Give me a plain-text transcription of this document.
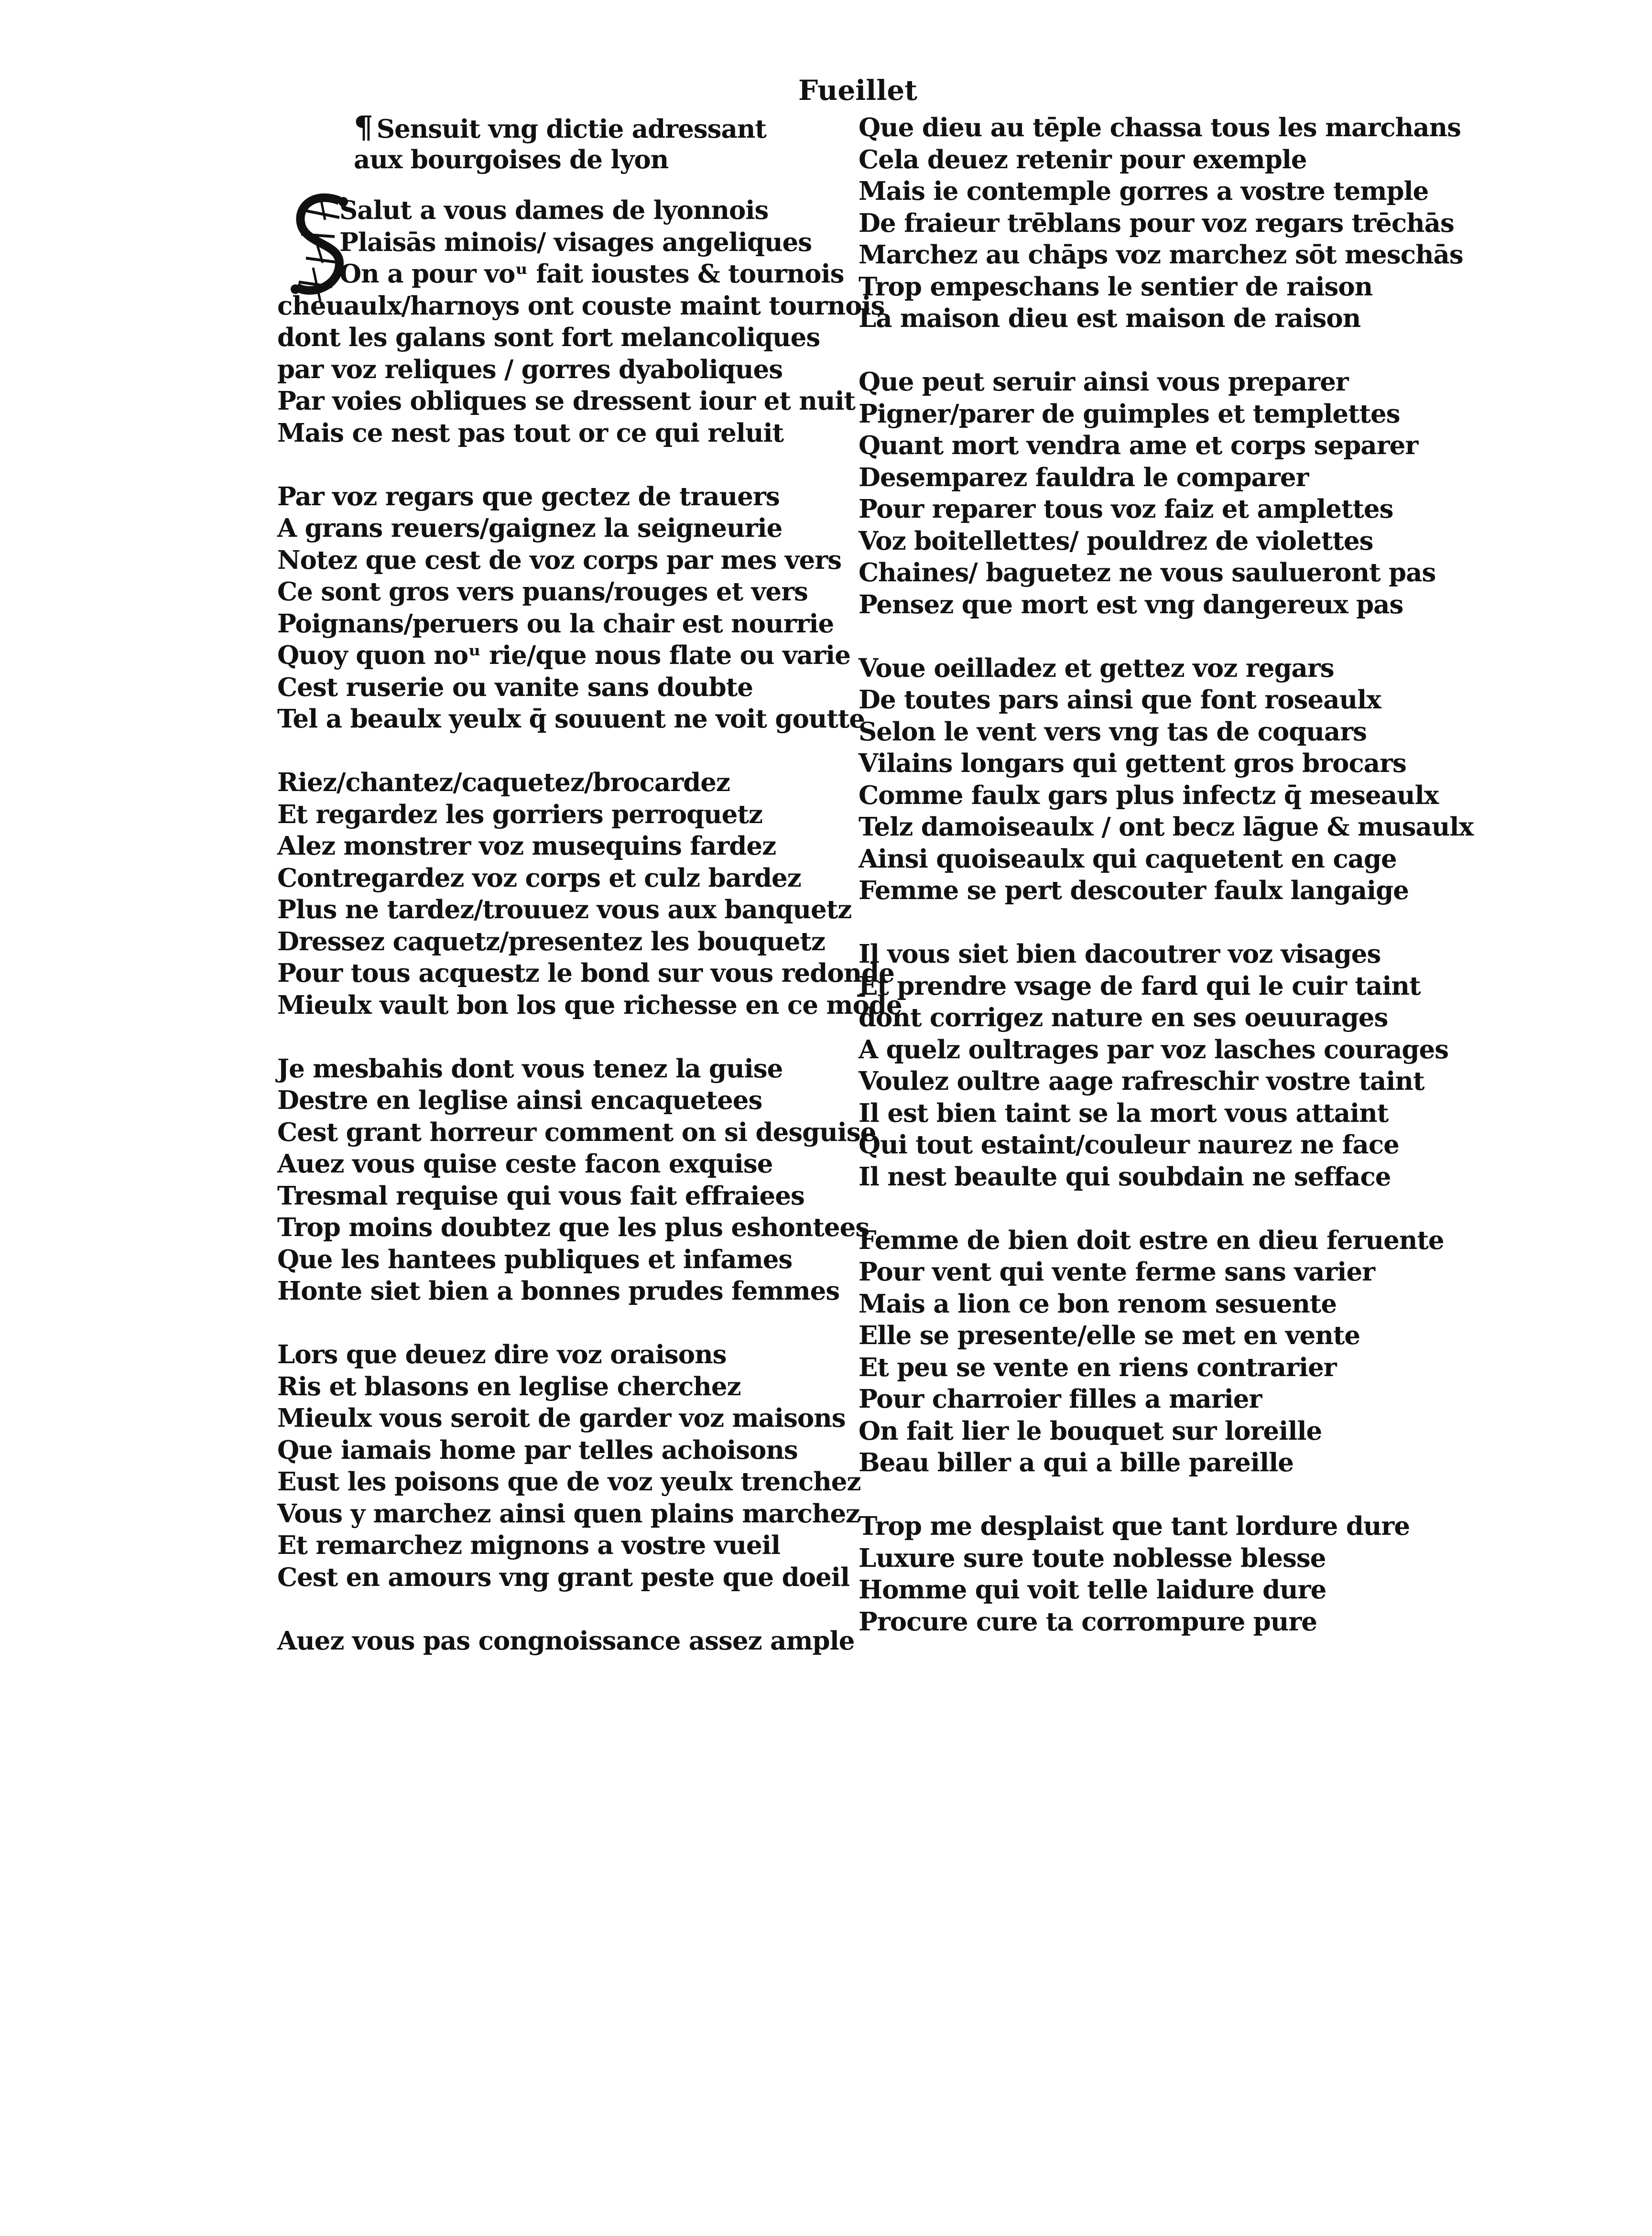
Fueillet
¶ Sensuit vng dictie adressant
aux bourgoises de lyon
Salut a vous dames de lyonnois
Plaisās minois/ visages angeliques
On a pour voᵘ fait ioustes & tournois
cheuaulx/harnoys ont couste maint tournois
dont les galans sont fort melancoliques
par voz reliques / gorres dyaboliques
Par voies obliques se dressent iour et nuit
Mais ce nest pas tout or ce qui reluit
Par voz regars que gectez de trauers
A grans reuers/gaignez la seigneurie
Notez que cest de voz corps par mes vers
Ce sont gros vers puans/rouges et vers
Poignans/peruers ou la chair est nourrie
Quoy quon noᵘ rie/que nous flate ou varie
Cest ruserie ou vanite sans doubte
Tel a beaulx yeulx q̄ souuent ne voit goutte
Riez/chantez/caquetez/brocardez
Et regardez les gorriers perroquetz
Alez monstrer voz musequins fardez
Contregardez voz corps et culz bardez
Plus ne tardez/trouuez vous aux banquetz
Dressez caquetz/presentez les bouquetz
Pour tous acquestz le bond sur vous redonde
Mieulx vault bon los que richesse en ce mōde
Je mesbahis dont vous tenez la guise
Destre en leglise ainsi encaquetees
Cest grant horreur comment on si desguise
Auez vous quise ceste facon exquise
Tresmal requise qui vous fait effraiees
Trop moins doubtez que les plus eshontees
Que les hantees publiques et infames
Honte siet bien a bonnes prudes femmes
Lors que deuez dire voz oraisons
Ris et blasons en leglise cherchez
Mieulx vous seroit de garder voz maisons
Que iamais home par telles achoisons
Eust les poisons que de voz yeulx trenchez
Vous y marchez ainsi quen plains marchez
Et remarchez mignons a vostre vueil
Cest en amours vng grant peste que doeil
Auez vous pas congnoissance assez ample
Que dieu au tēple chassa tous les marchans
Cela deuez retenir pour exemple
Mais ie contemple gorres a vostre temple
De fraieur trēblans pour voz regars trēchās
Marchez au chāps voz marchez sōt meschās
Trop empeschans le sentier de raison
La maison dieu est maison de raison
Que peut seruir ainsi vous preparer
Pigner/parer de guimples et templettes
Quant mort vendra ame et corps separer
Desemparez fauldra le comparer
Pour reparer tous voz faiz et amplettes
Voz boitellettes/ pouldrez de violettes
Chaines/ baguetez ne vous saulueront pas
Pensez que mort est vng dangereux pas
Voue oeilladez et gettez voz regars
De toutes pars ainsi que font roseaulx
Selon le vent vers vng tas de coquars
Vilains longars qui gettent gros brocars
Comme faulx gars plus infectz q̄ meseaulx
Telz damoiseaulx / ont becz lāgue & musaulx
Ainsi quoiseaulx qui caquetent en cage
Femme se pert descouter faulx langaige
Il vous siet bien dacoutrer voz visages
Et prendre vsage de fard qui le cuir taint
dont corrigez nature en ses oeuurages
A quelz oultrages par voz lasches courages
Voulez oultre aage rafreschir vostre taint
Il est bien taint se la mort vous attaint
Qui tout estaint/couleur naurez ne face
Il nest beaulte qui soubdain ne seffacе
Femme de bien doit estre en dieu feruente
Pour vent qui vente ferme sans varier
Mais a lion ce bon renom sesuente
Elle se presente/elle se met en vente
Et peu se vente en riens contrarier
Pour charroier filles a marier
On fait lier le bouquet sur loreille
Beau biller a qui a bille pareille
Trop me desplaist que tant lordure dure
Luxure sure toute noblesse blesse
Homme qui voit telle laidure dure
Procure cure ta corrompure pure
